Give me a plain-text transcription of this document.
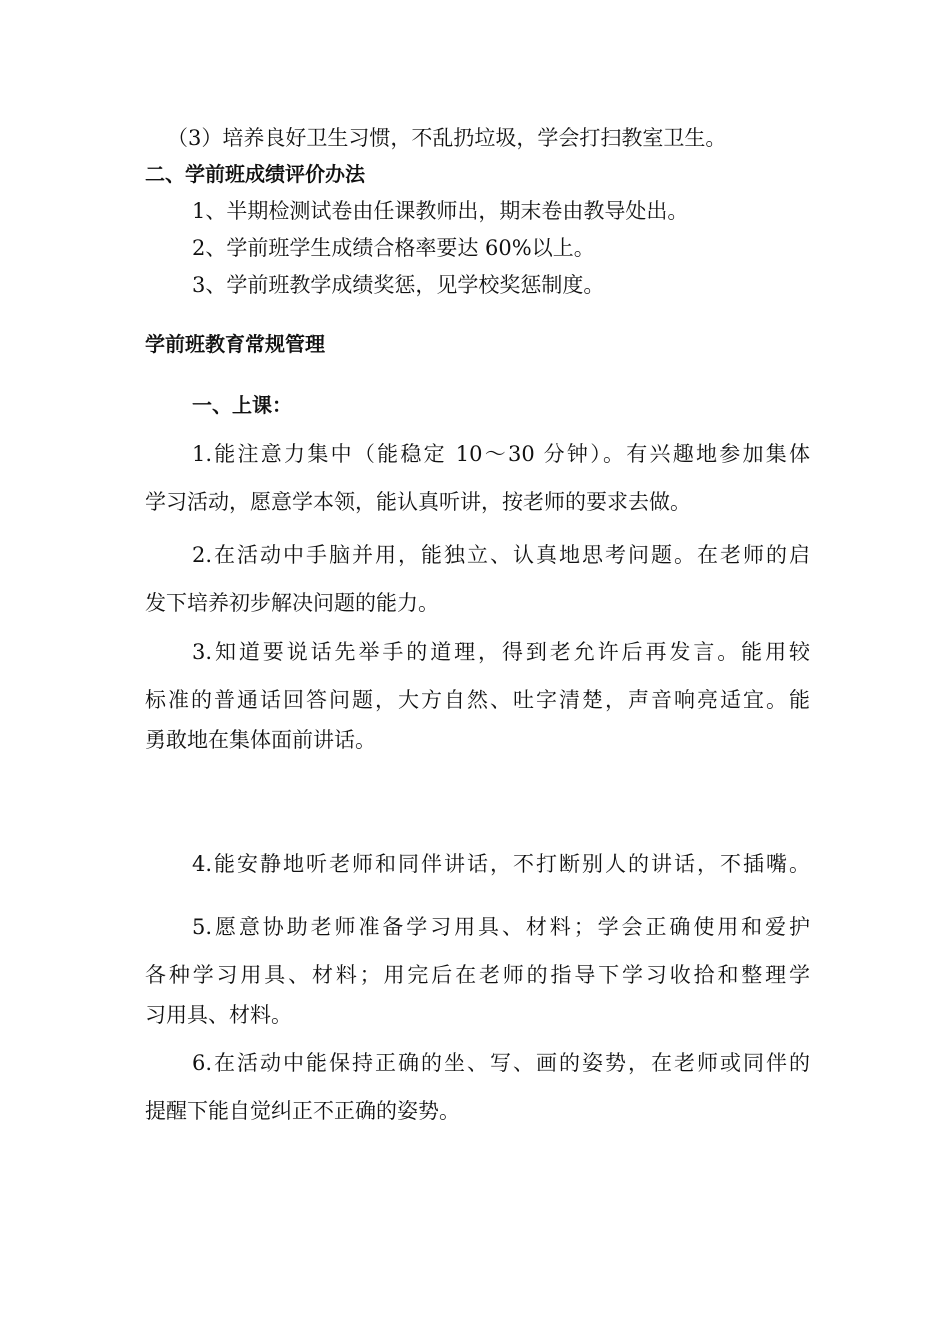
（3）培养良好卫生习惯，不乱扔垃圾，学会打扫教室卫生。
二、学前班成绩评价办法
1、半期检测试卷由任课教师出，期末卷由教导处出。
2、学前班学生成绩合格率要达 60%以上。
3、学前班教学成绩奖惩，见学校奖惩制度。
学前班教育常规管理
一、上课：
1.能注意力集中（能稳定 10～30 分钟）。有兴趣地参加集体
学习活动，愿意学本领，能认真听讲，按老师的要求去做。
2.在活动中手脑并用，能独立、认真地思考问题。在老师的启
发下培养初步解决问题的能力。
3.知道要说话先举手的道理，得到老允许后再发言。能用较
标准的普通话回答问题，大方自然、吐字清楚，声音响亮适宜。能
勇敢地在集体面前讲话。
4.能安静地听老师和同伴讲话，不打断别人的讲话，不插嘴。
5.愿意协助老师准备学习用具、材料；学会正确使用和爱护
各种学习用具、材料；用完后在老师的指导下学习收拾和整理学
习用具、材料。
6.在活动中能保持正确的坐、写、画的姿势，在老师或同伴的
提醒下能自觉纠正不正确的姿势。
